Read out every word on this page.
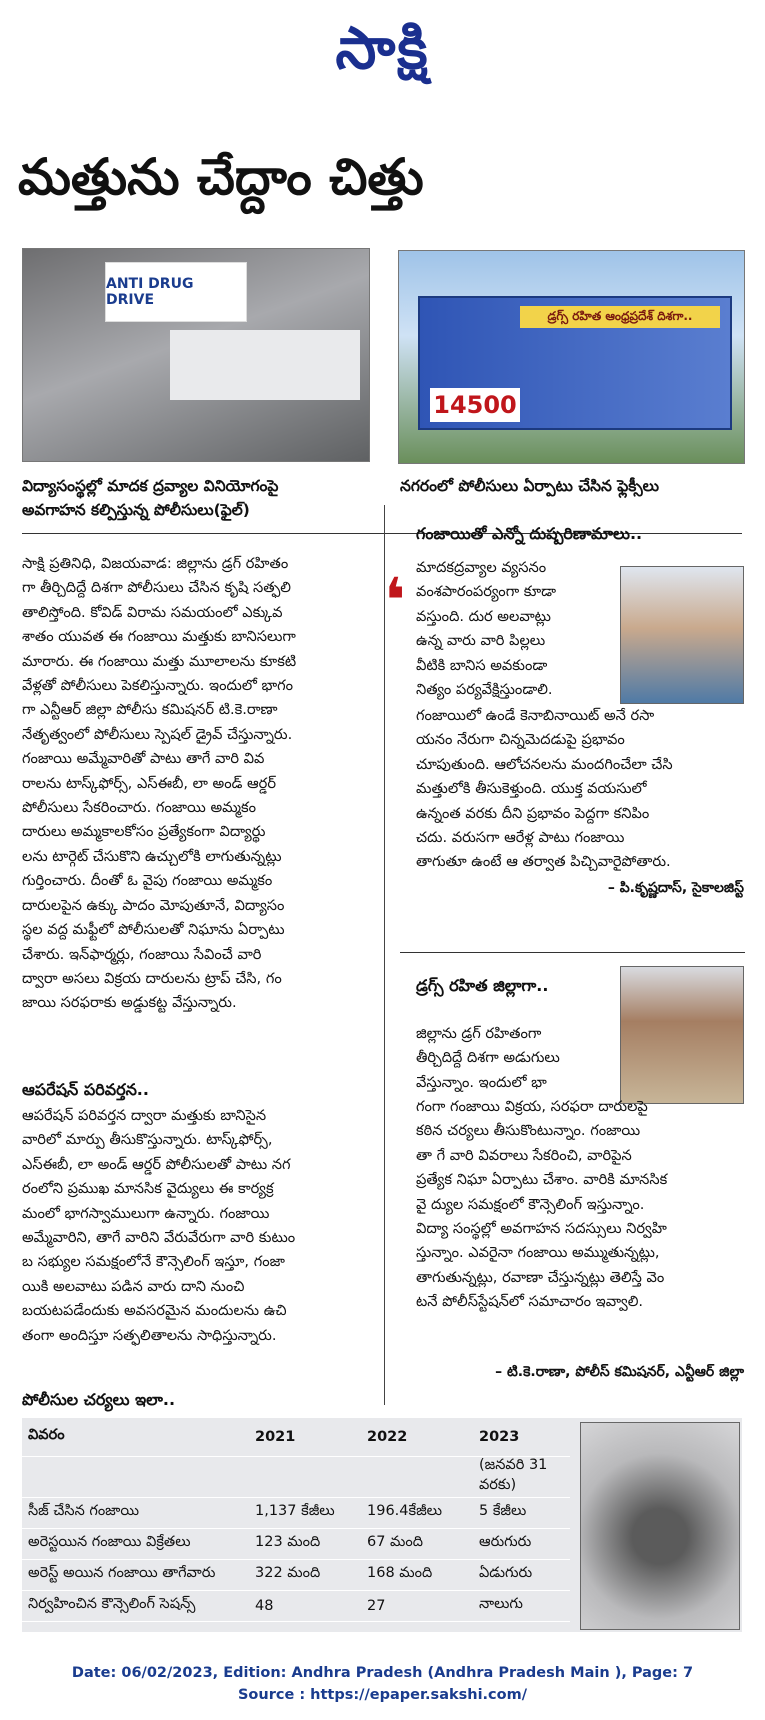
సాక్షి
మత్తును చేద్దాం చిత్తు
ANTI DRUG DRIVE
డ్రగ్స్ రహిత ఆంధ్రప్రదేశ్ దిశగా..
14500
విద్యాసంస్థల్లో మాదక ద్రవ్యాల వినియోగంపై
అవగాహన కల్పిస్తున్న పోలీసులు(ఫైల్)
నగరంలో పోలీసులు ఏర్పాటు చేసిన ఫ్లెక్సీలు
సాక్షి ప్రతినిధి, విజయవాడ: జిల్లాను డ్రగ్ రహితం
గా తీర్చిదిద్దే దిశగా పోలీసులు చేసిన కృషి సత్ఫలి
తాలిస్తోంది. కోవిడ్ విరామ సమయంలో ఎక్కువ
శాతం యువత ఈ గంజాయి మత్తుకు బానిసలుగా
మారారు. ఈ గంజాయి మత్తు మూలాలను కూకటి
వేళ్లతో పోలీసులు పెకలిస్తున్నారు. ఇందులో భాగం
గా ఎన్టీఆర్ జిల్లా పోలీసు కమిషనర్ టి.కె.రాణా
నేతృత్వంలో పోలీసులు స్పెషల్ డ్రైవ్ చేస్తున్నారు.
గంజాయి అమ్మేవారితో పాటు తాగే వారి వివ
రాలను టాస్క్‌ఫోర్స్, ఎస్ఈబీ, లా అండ్ ఆర్డర్
పోలీసులు సేకరించారు. గంజాయి అమ్మకం
దారులు అమ్మకాలకోసం ప్రత్యేకంగా విద్యార్థు
లను టార్గెట్ చేసుకొని ఉచ్చులోకి లాగుతున్నట్లు
గుర్తించారు. దీంతో ఓ వైపు గంజాయి అమ్మకం
దారులపైన ఉక్కు పాదం మోపుతూనే, విద్యాసం
స్థల వద్ద మఫ్టీలో పోలీసులతో నిఘాను ఏర్పాటు
చేశారు. ఇన్‌ఫార్మర్లు, గంజాయి సేవించే వారి
ద్వారా అసలు విక్రయ దారులను ట్రాప్ చేసి, గం
జాయి సరఫరాకు అడ్డుకట్ట వేస్తున్నారు.
ఆపరేషన్ పరివర్తన..
ఆపరేషన్ పరివర్తన ద్వారా మత్తుకు బానిసైన
వారిలో మార్పు తీసుకొస్తున్నారు. టాస్క్‌ఫోర్స్,
ఎస్ఈబీ, లా అండ్ ఆర్డర్ పోలీసులతో పాటు నగ
రంలోని ప్రముఖ మానసిక వైద్యులు ఈ కార్యక్ర
మంలో భాగస్వాములుగా ఉన్నారు. గంజాయి
అమ్మేవారిని, తాగే వారిని వేరువేరుగా వారి కుటుం
బ సభ్యుల సమక్షంలోనే కౌన్సెలింగ్ ఇస్తూ, గంజా
యికి అలవాటు పడిన వారు దాని నుంచి
బయటపడేందుకు అవసరమైన మందులను ఉచి
తంగా అందిస్తూ సత్ఫలితాలను సాధిస్తున్నారు.
గంజాయితో ఎన్నో దుష్పరిణామాలు..
❛ మాదకద్రవ్యాల వ్యసనం
వంశపారంపర్యంగా కూడా
వస్తుంది. దుర అలవాట్లు
ఉన్న వారు వారి పిల్లలు
వీటికి బానిస అవకుండా
నిత్యం పర్యవేక్షిస్తుండాలి.
గంజాయిలో ఉండే కెనాబినాయిట్ అనే రసా
యనం నేరుగా చిన్నమెదడుపై ప్రభావం
చూపుతుంది. ఆలోచనలను మందగించేలా చేసి
మత్తులోకి తీసుకెళ్తుంది. యుక్త వయసులో
ఉన్నంత వరకు దీని ప్రభావం పెద్దగా కనిపిం
చదు. వరుసగా ఆరేళ్ల పాటు గంజాయి
తాగుతూ ఉంటే ఆ తర్వాత పిచ్చివారైపోతారు.
– పి.కృష్ణదాస్, సైకాలజిస్ట్
డ్రగ్స్ రహిత జిల్లాగా..
జిల్లాను డ్రగ్ రహితంగా
తీర్చిదిద్దే దిశగా అడుగులు
వేస్తున్నాం. ఇందులో భా
గంగా గంజాయి విక్రయ, సరఫరా దారులపై
కఠిన చర్యలు తీసుకొంటున్నాం. గంజాయి
తా గే వారి వివరాలు సేకరించి, వారిపైన
ప్రత్యేక నిఘా ఏర్పాటు చేశాం. వారికి మానసిక
వై ద్యుల సమక్షంలో కౌన్సెలింగ్ ఇస్తున్నాం.
విద్యా సంస్థల్లో అవగాహన సదస్సులు నిర్వహి
స్తున్నాం. ఎవరైనా గంజాయి అమ్ముతున్నట్లు,
తాగుతున్నట్లు, రవాణా చేస్తున్నట్లు తెలిస్తే వెం
టనే పోలీస్‌స్టేషన్‌లో సమాచారం ఇవ్వాలి.
– టి.కె.రాణా, పోలీస్ కమిషనర్, ఎన్టీఆర్ జిల్లా
పోలీసుల చర్యలు ఇలా..
వివరం	2021	2022	2023
			(జనవరి 31 వరకు)
సీజ్ చేసిన గంజాయి	1,137 కేజీలు	196.4కేజీలు	5 కేజీలు
అరెస్టయిన గంజాయి విక్రేతలు	123 మంది	67 మంది	ఆరుగురు
అరెస్ట్ అయిన గంజాయి తాగేవారు	322 మంది	168 మంది	ఏడుగురు
నిర్వహించిన కౌన్సెలింగ్ సెషన్స్	48	27	నాలుగు
Date: 06/02/2023, Edition: Andhra Pradesh (Andhra Pradesh Main ), Page: 7
Source : https://epaper.sakshi.com/
